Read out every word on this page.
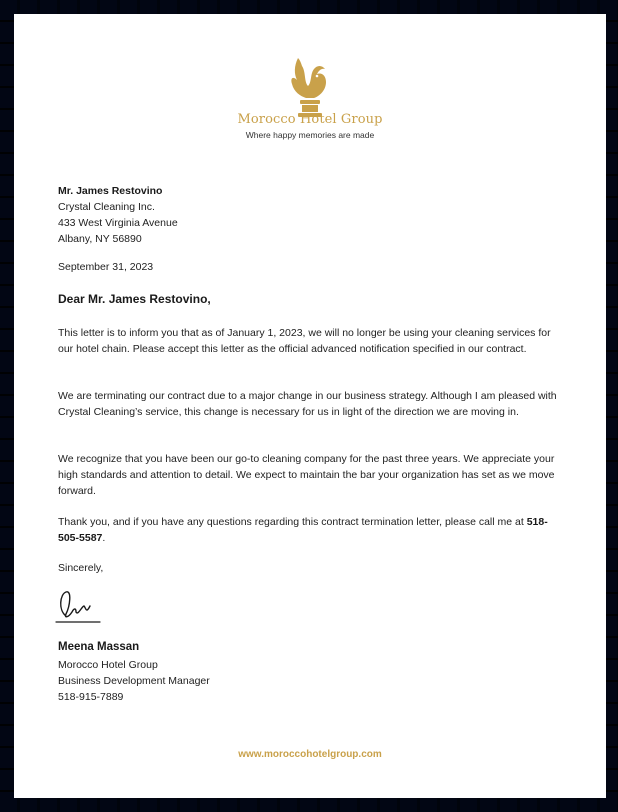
Morocco Hotel Group
Where happy memories are made
Mr. James Restovino
Crystal Cleaning Inc.
433 West Virginia Avenue
Albany, NY 56890
September 31, 2023
Dear Mr. James Restovino,

This letter is to inform you that as of January 1, 2023, we will no longer be using your cleaning services for our hotel chain. Please accept this letter as the official advanced notification specified in our contract.

We are terminating our contract due to a major change in our business strategy. Although I am pleased with Crystal Cleaning’s service, this change is necessary for us in light of the direction we are moving in.

We recognize that you have been our go-to cleaning company for the past three years. We appreciate your high standards and attention to detail. We expect to maintain the bar your organization has set as we move forward.

Thank you, and if you have any questions regarding this contract termination letter, please call me at 518-505-5587.

Sincerely,
Meena Massan
Morocco Hotel Group
Business Development Manager
518-915-7889
www.moroccohotelgroup.com
